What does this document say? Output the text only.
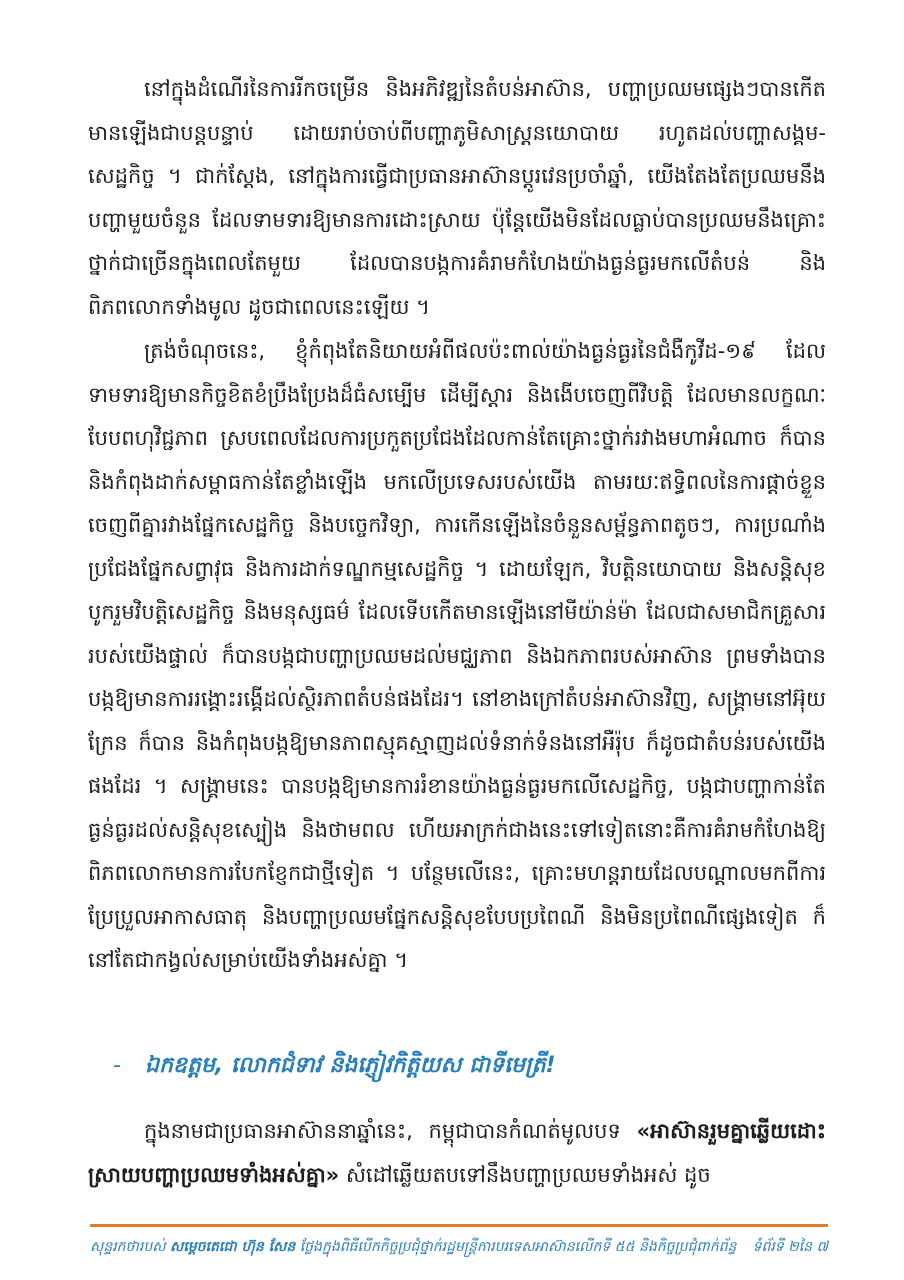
នៅក្នុងដំណើរនៃការរីកចម្រើន និងអភិវឌ្ឍនៃតំបន់អាស៊ាន, បញ្ហាប្រឈមផ្សេងៗបានកើតមានឡើងជាបន្តបន្ទាប់ ដោយរាប់ចាប់ពីបញ្ហាភូមិសាស្ត្រនយោបាយ រហូតដល់បញ្ហាសង្គម-សេដ្ឋកិច្ច ។ ជាក់ស្តែង, នៅក្នុងការធ្វើជាប្រធានអាស៊ានប្តូរវេនប្រចាំឆ្នាំ, យើងតែងតែប្រឈមនឹងបញ្ហាមួយចំនួន ដែលទាមទារឱ្យមានការដោះស្រាយ ប៉ុន្តែយើងមិនដែលធ្លាប់បានប្រឈមនឹងគ្រោះថ្នាក់ជាច្រើនក្នុងពេលតែមួយ ដែលបានបង្កការគំរាមកំហែងយ៉ាងធ្ងន់ធ្ងរមកលើតំបន់ និងពិភពលោកទាំងមូល ដូចជាពេលនេះឡើយ ។

ត្រង់ចំណុចនេះ, ខ្ញុំកំពុងតែនិយាយអំពីផលប៉ះពាល់យ៉ាងធ្ងន់ធ្ងរនៃជំងឺកូវីដ-១៩ ដែលទាមទារឱ្យមានកិច្ចខិតខំប្រឹងប្រែងដ៏ធំសម្បើម ដើម្បីស្តារ និងងើបចេញពីវិបត្តិ ដែលមានលក្ខណៈបែបពហុវិជ្ជភាព ស្របពេលដែលការប្រកួតប្រជែងដែលកាន់តែគ្រោះថ្នាក់រវាងមហាអំណាច ក៏បាន និងកំពុងដាក់សម្ពាធកាន់តែខ្លាំងឡើង មកលើប្រទេសរបស់យើង តាមរយៈឥទ្ធិពលនៃការផ្តាច់ខ្លួន ចេញពីគ្នារវាងផ្នែកសេដ្ឋកិច្ច និងបច្ចេកវិទ្យា, ការកើនឡើងនៃចំនួនសម្ព័ន្ធភាពតូចៗ, ការប្រណាំងប្រជែងផ្នែកសព្វាវុធ និងការដាក់ទណ្ឌកម្មសេដ្ឋកិច្ច ។ ដោយឡែក, វិបត្តិនយោបាយ និងសន្តិសុខ បូករួមវិបត្តិសេដ្ឋកិច្ច និងមនុស្សធម៌ ដែលទើបកើតមានឡើងនៅមីយ៉ាន់ម៉ា ដែលជាសមាជិកគ្រួសាររបស់យើងផ្ទាល់ ក៏បានបង្កជាបញ្ហាប្រឈមដល់មជ្ឈភាព និងឯកភាពរបស់អាស៊ាន ព្រមទាំងបានបង្កឱ្យមានការរង្គោះរង្គើដល់ស្ថិរភាពតំបន់ផងដែរ។ នៅខាងក្រៅតំបន់អាស៊ានវិញ, សង្គ្រាមនៅអ៊ុយក្រែន ក៏បាន និងកំពុងបង្កឱ្យមានភាពស្មុគស្មាញដល់ទំនាក់ទំនងនៅអឺរ៉ុប ក៏ដូចជាតំបន់របស់យើងផងដែរ ។ សង្គ្រាមនេះ បានបង្កឱ្យមានការរំខានយ៉ាងធ្ងន់ធ្ងរមកលើសេដ្ឋកិច្ច, បង្កជាបញ្ហាកាន់តែធ្ងន់ធ្ងរដល់សន្តិសុខស្បៀង និងថាមពល ហើយអាក្រក់ជាងនេះទៅទៀតនោះគឺការគំរាមកំហែងឱ្យពិភពលោកមានការបែកខ្ញែកជាថ្មីទៀត ។ បន្ថែមលើនេះ, គ្រោះមហន្តរាយដែលបណ្តាលមកពីការប្រែប្រួលអាកាសធាតុ និងបញ្ហាប្រឈមផ្នែកសន្តិសុខបែបប្រពៃណី និងមិនប្រពៃណីផ្សេងទៀត ក៏នៅតែជាកង្វល់សម្រាប់យើងទាំងអស់គ្នា ។

- ឯកឧត្តម, លោកជំទាវ និងភ្ញៀវកិត្តិយស ជាទីមេត្រី!

ក្នុងនាមជាប្រធានអាស៊ាននាឆ្នាំនេះ, កម្ពុជាបានកំណត់មូលបទ «អាស៊ានរួមគ្នាឆ្លើយដោះស្រាយបញ្ហាប្រឈមទាំងអស់គ្នា» សំដៅឆ្លើយតបទៅនឹងបញ្ហាប្រឈមទាំងអស់ ដូច

សុន្ទរកថារបស់ សម្តេចតេជោ ហ៊ុន សែន ថ្លែងក្នុងពិធីបើកកិច្ចប្រជុំថ្នាក់រដ្ឋមន្ត្រីការបរទេសអាស៊ានលើកទី ៥៥ និងកិច្ចប្រជុំពាក់ព័ន្ធ ទំព័រទី ២នៃ ៧
